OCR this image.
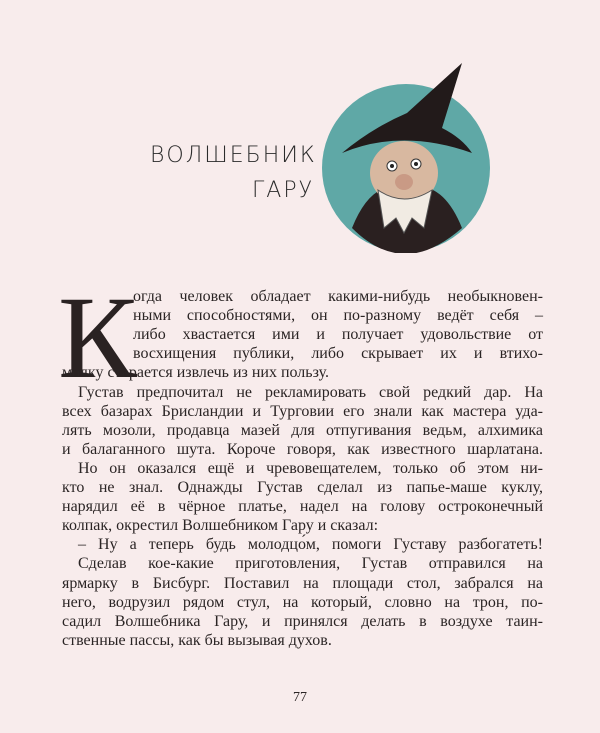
ВОЛШЕБНИК
ГАРУ
К
огда человек обладает какими-нибудь необыкновен-
ными способностями, он по-разному ведёт себя –
либо хвастается ими и получает удовольствие от
восхищения публики, либо скрывает их и втихо-
молку старается извлечь из них пользу.
Густав предпочитал не рекламировать свой редкий дар. На
всех базарах Брисландии и Турговии его знали как мастера уда-
лять мозоли, продавца мазей для отпугивания ведьм, алхимика
и балаганного шута. Короче говоря, как известного шарлатана.
Но он оказался ещё и чревовещателем, только об этом ни-
кто не знал. Однажды Густав сделал из папье-маше куклу,
нарядил её в чёрное платье, надел на голову остроконечный
колпак, окрестил Волшебником Гару и сказал:
– Ну а теперь будь молодцо́м, помоги Густаву разбогатеть!
Сделав кое-какие приготовления, Густав отправился на
ярмарку в Бисбург. Поставил на площади стол, забрался на
него, водрузил рядом стул, на который, словно на трон, по-
садил Волшебника Гару, и принялся делать в воздухе таин-
ственные пассы, как бы вызывая духов.
77
